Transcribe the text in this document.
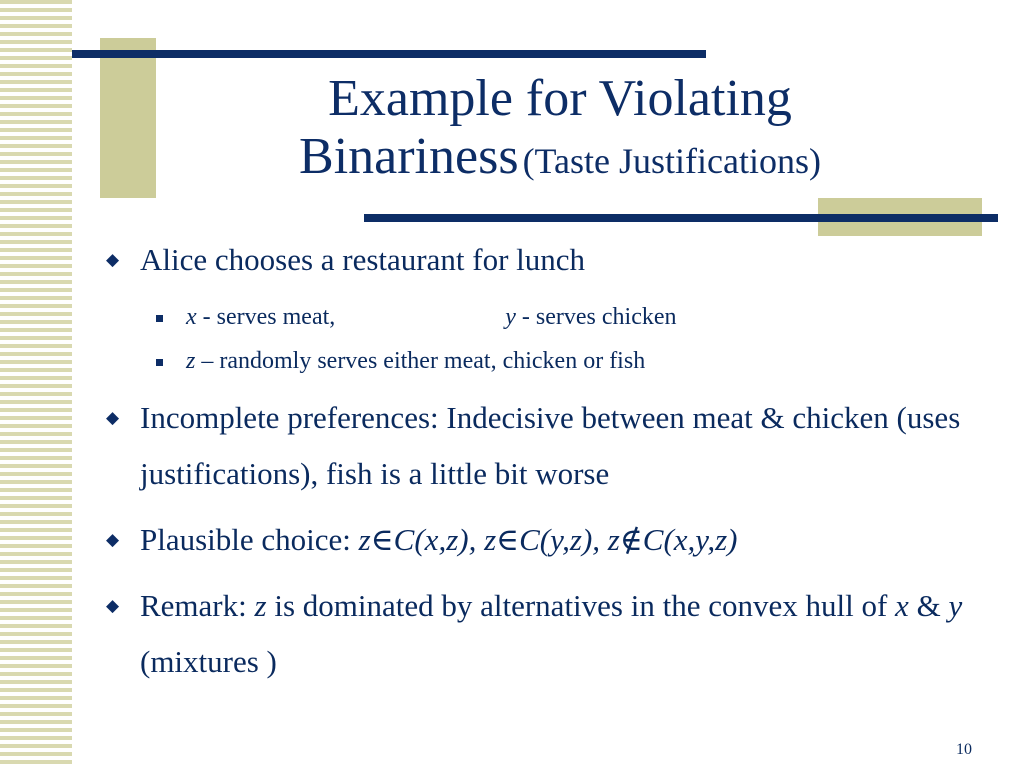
Example for Violating
Binariness (Taste Justifications)
◆ Alice chooses a restaurant for lunch
x - serves meat,	y - serves chicken
z – randomly serves either meat, chicken or fish
◆ Incomplete preferences: Indecisive between meat & chicken (uses justifications), fish is a little bit worse
◆ Plausible choice: z∈C(x,z), z∈C(y,z), z∉C(x,y,z)
◆ Remark: z is dominated by alternatives in the convex hull of x & y (mixtures )
10
